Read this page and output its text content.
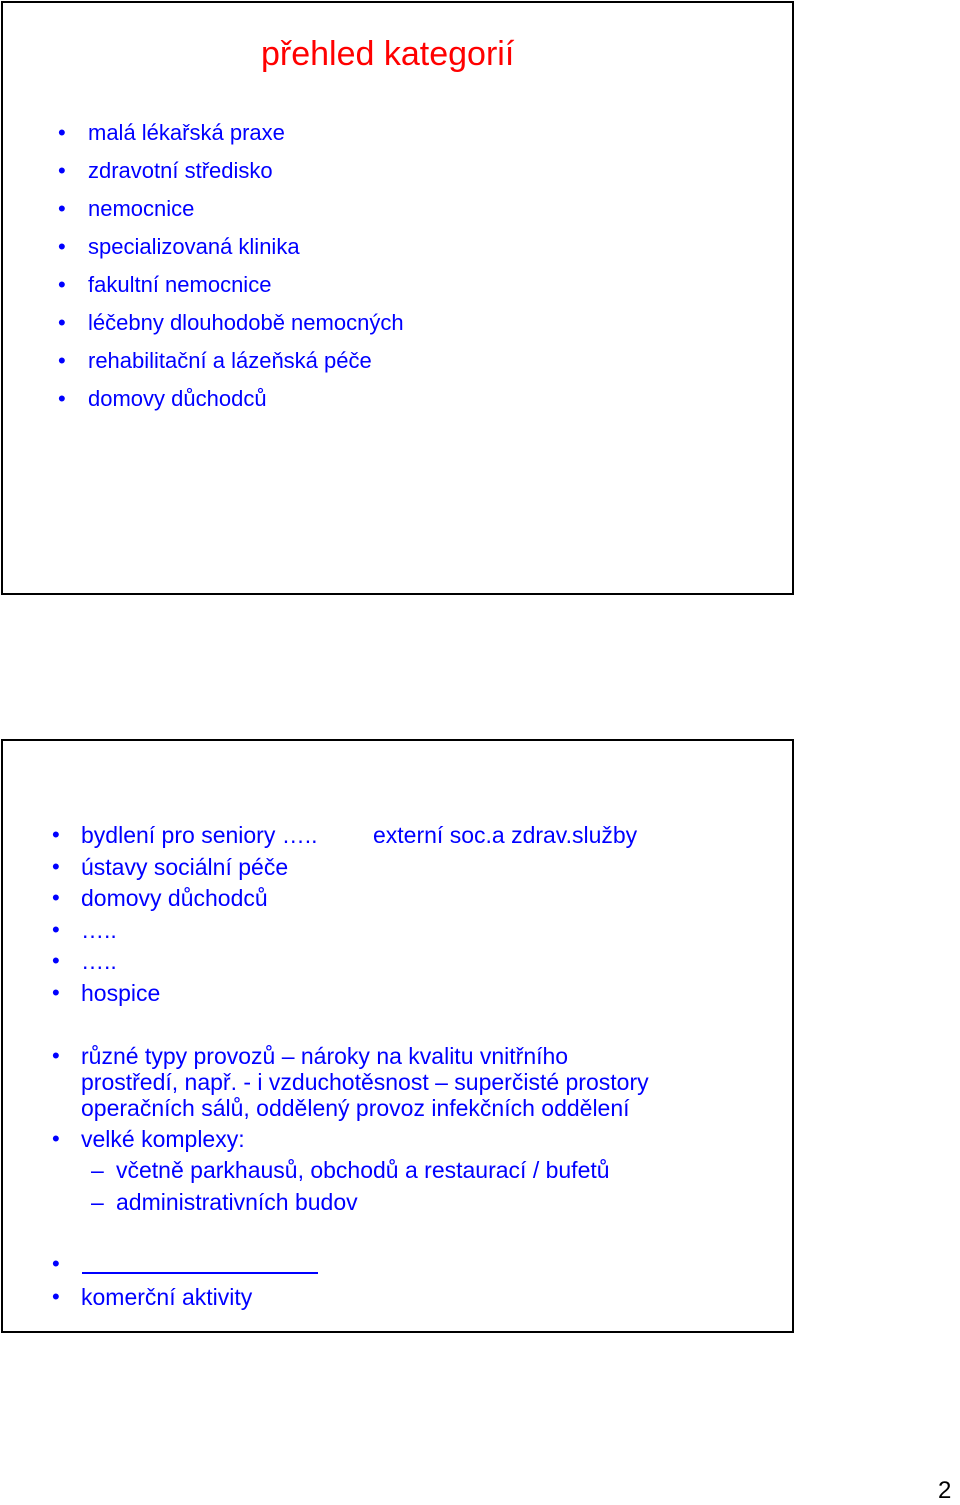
přehled kategorií
• malá lékařská praxe
• zdravotní středisko
• nemocnice
• specializovaná klinika
• fakultní nemocnice
• léčebny dlouhodobě nemocných
• rehabilitační a lázeňská péče
• domovy důchodců
• bydlení pro seniory ….. externí soc.a zdrav.služby
• ústavy sociální péče
• domovy důchodců
• …..
• …..
• hospice
• různé typy provozů – nároky na kvalitu vnitřního
prostředí, např. - i vzduchotěsnost – superčisté prostory
operačních sálů, oddělený provoz infekčních oddělení
• velké komplexy:
– včetně parkhausů, obchodů a restaurací / bufetů
– administrativních budov
•
• komerční aktivity
2
